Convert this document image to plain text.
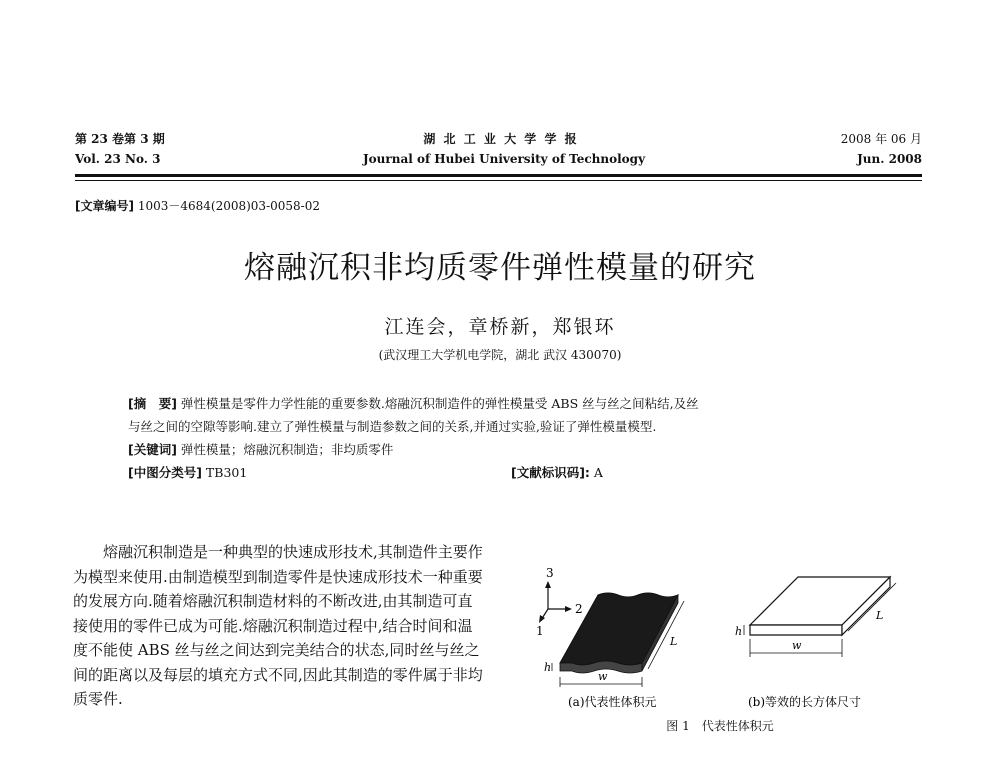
第 23 卷第 3 期
Vol. 23 No. 3
湖 北 工 业 大 学 学 报
Journal of Hubei University of Technology
2008 年 06 月
Jun. 2008
[文章编号] 1003－4684(2008)03-0058-02
熔融沉积非均质零件弹性模量的研究
江连会，章桥新，郑银环
(武汉理工大学机电学院，湖北 武汉 430070)
[摘　要] 弹性模量是零件力学性能的重要参数.熔融沉积制造件的弹性模量受 ABS 丝与丝之间粘结,及丝
与丝之间的空隙等影响.建立了弹性模量与制造参数之间的关系,并通过实验,验证了弹性模量模型.
[关键词] 弹性模量；熔融沉积制造；非均质零件
[中图分类号] TB301	[文献标识码]: A
熔融沉积制造是一种典型的快速成形技术,其制造件主要作为模型来使用.由制造模型到制造零件是快速成形技术一种重要的发展方向.随着熔融沉积制造材料的不断改进,由其制造可直接使用的零件已成为可能.熔融沉积制造过程中,结合时间和温度不能使 ABS 丝与丝之间达到完美结合的状态,同时丝与丝之间的距离以及每层的填充方式不同,因此其制造的零件属于非均质零件.
3
2
1
w
L
h
w
L
h
(a)代表性体积元	(b)等效的长方体尺寸
图 1　代表性体积元
